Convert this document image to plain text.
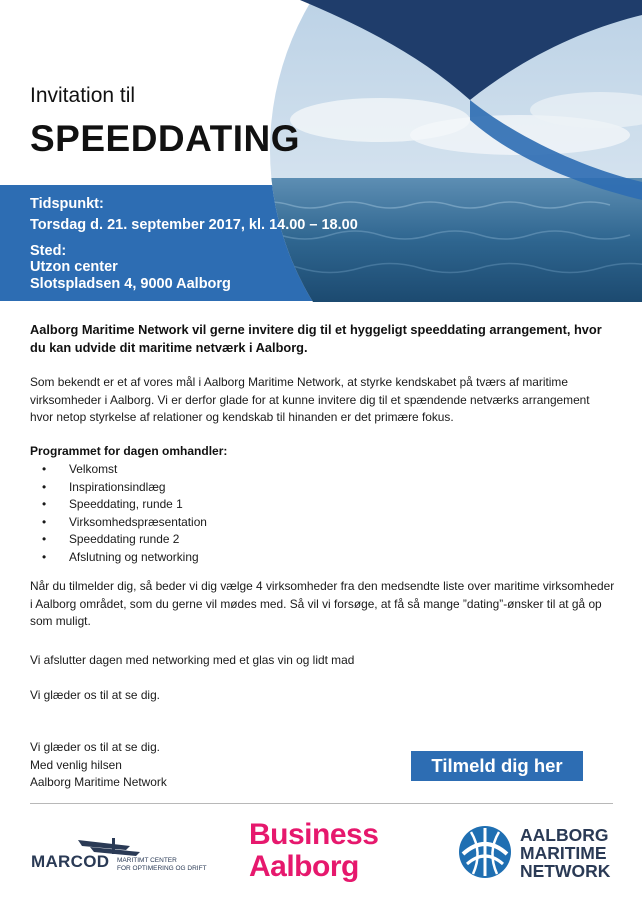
Invitation til
SPEEDDATING
Tidspunkt:
Torsdag d. 21. september 2017, kl. 14.00 – 18.00
Sted:
Utzon center
Slotspladsen 4, 9000 Aalborg
Aalborg Maritime Network vil gerne invitere dig til et hyggeligt speeddating arrangement, hvor du kan udvide dit maritime netværk i Aalborg.
Som bekendt er et af vores mål i Aalborg Maritime Network, at styrke kendskabet på tværs af maritime virksomheder i Aalborg. Vi er derfor glade for at kunne invitere dig til et spændende netværks arrangement hvor netop styrkelse af relationer og kendskab til hinanden er det primære fokus.
Programmet for dagen omhandler:
• Velkomst
• Inspirationsindlæg
• Speeddating, runde 1
• Virksomhedspræsentation
• Speeddating runde 2
• Afslutning og networking
Når du tilmelder dig, så beder vi dig vælge 4 virksomheder fra den medsendte liste over maritime virksomheder i Aalborg området, som du gerne vil mødes med. Så vil vi forsøge, at få så mange ”dating”-ønsker til at gå op som muligt.
Vi afslutter dagen med networking med et glas vin og lidt mad
Vi glæder os til at se dig.
Vi glæder os til at se dig.
Med venlig hilsen
Aalborg Maritime Network
Tilmeld dig her
MARCOD MARITIMT CENTER
FOR OPTIMERING OG DRIFT
Business
Aalborg
AALBORG
MARITIME
NETWORK
